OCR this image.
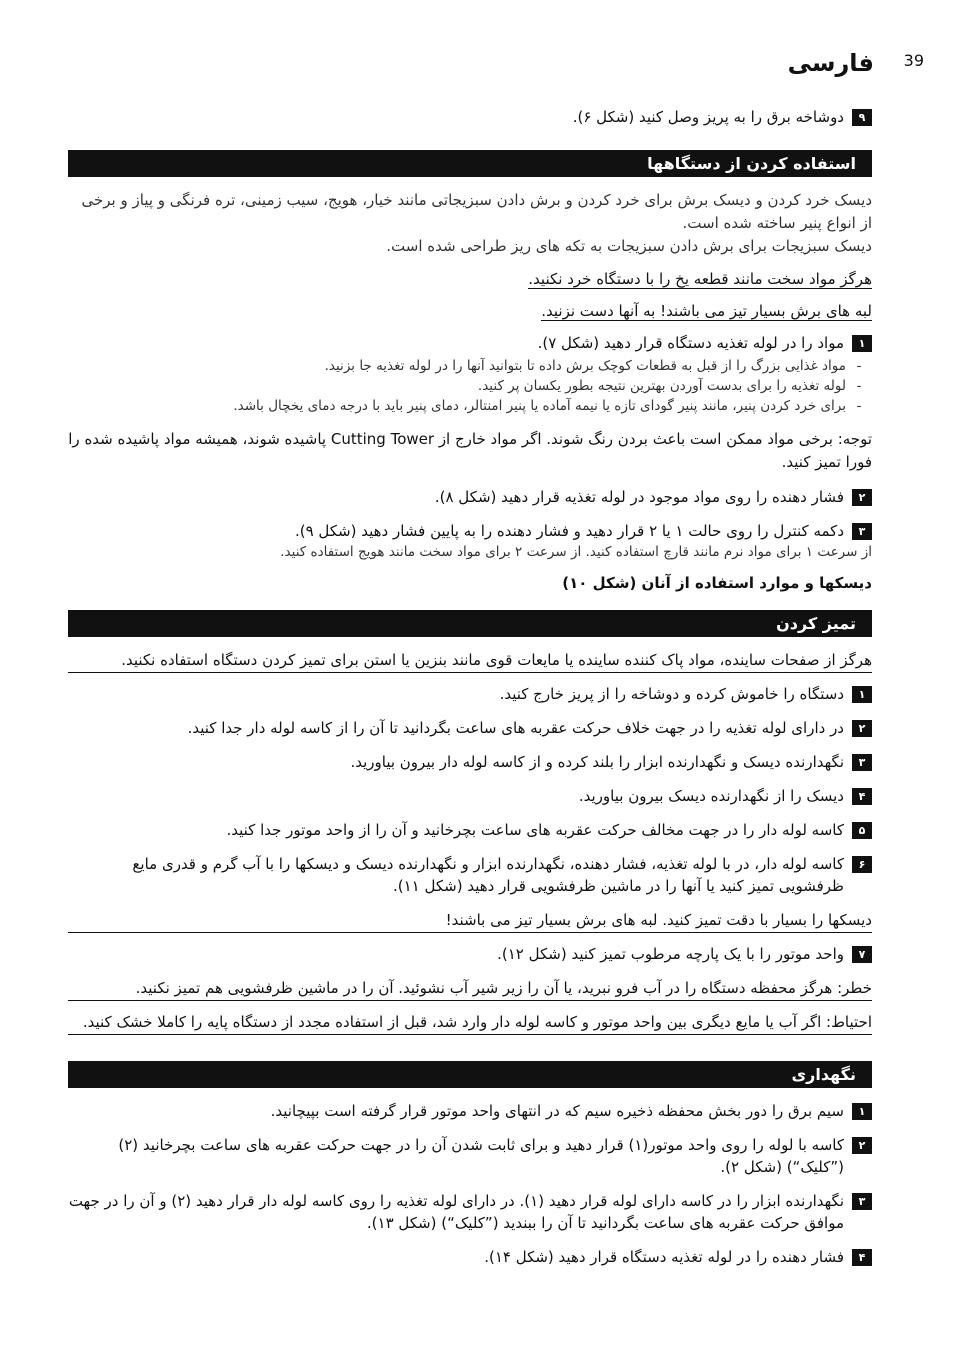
39
فارسی
۹
دوشاخه برق را به پریز وصل کنید (شکل ۶).
استفاده کردن از دستگاهها
دیسک خرد کردن و دیسک برش برای خرد کردن و برش دادن سبزیجاتی مانند خیار، هویج، سیب زمینی، تره فرنگی و پیاز و برخی از انواع پنیر ساخته شده است.
دیسک سبزیجات برای برش دادن سبزیجات به تکه های ریز طراحی شده است.
هرگز مواد سخت مانند قطعه یخ را با دستگاه خرد نکنید.
لبه های برش بسیار تیز می باشند! به آنها دست نزنید.
۱
مواد را در لوله تغذیه دستگاه قرار دهید (شکل ۷).
-
مواد غذایی بزرگ را از قبل به قطعات کوچک برش داده تا بتوانید آنها را در لوله تغذیه جا بزنید.
-
لوله تغذیه را برای بدست آوردن بهترین نتیجه بطور یکسان پر کنید.
-
برای خرد کردن پنیر، مانند پنیر گودای تازه یا نیمه آماده یا پنیر امنتالر، دمای پنیر باید با درجه دمای یخچال باشد.
توجه: برخی مواد ممکن است باعث بردن رنگ شوند. اگر مواد خارج از Cutting Tower پاشیده شوند، همیشه مواد پاشیده شده را فورا تمیز کنید.
۲
فشار دهنده را روی مواد موجود در لوله تغذیه قرار دهید (شکل ۸).
۳
دکمه کنترل را روی حالت ۱ یا ۲ قرار دهید و فشار دهنده را به پایین فشار دهید (شکل ۹).
از سرعت ۱ برای مواد نرم مانند قارچ استفاده کنید. از سرعت ۲ برای مواد سخت مانند هویج استفاده کنید.
دیسکها و موارد استفاده از آنان (شکل ۱۰)
تمیز کردن
هرگز از صفحات ساینده، مواد پاک کننده ساینده یا مایعات قوی مانند بنزین یا استن برای تمیز کردن دستگاه استفاده نکنید.
۱
دستگاه را خاموش کرده و دوشاخه را از پریز خارج کنید.
۲
در دارای لوله تغذیه را در جهت خلاف حرکت عقربه های ساعت بگردانید تا آن را از کاسه لوله دار جدا کنید.
۳
نگهدارنده دیسک و نگهدارنده ابزار را بلند کرده و از کاسه لوله دار بیرون بیاورید.
۴
دیسک را از نگهدارنده دیسک بیرون بیاورید.
۵
کاسه لوله دار را در جهت مخالف حرکت عقربه های ساعت بچرخانید و آن را از واحد موتور جدا کنید.
۶
کاسه لوله دار، در با لوله تغذیه، فشار دهنده، نگهدارنده ابزار و نگهدارنده دیسک و دیسکها را با آب گرم و قدری مایع ظرفشویی تمیز کنید یا آنها را در ماشین ظرفشویی قرار دهید (شکل ۱۱).
دیسکها را بسیار با دقت تمیز کنید. لبه های برش بسیار تیز می باشند!
۷
واحد موتور را با یک پارچه مرطوب تمیز کنید (شکل ۱۲).
خطر: هرگز محفظه دستگاه را در آب فرو نبرید، یا آن را زیر شیر آب نشوئید. آن را در ماشین ظرفشویی هم تمیز نکنید.
احتیاط: اگر آب یا مایع دیگری بین واحد موتور و کاسه لوله دار وارد شد، قبل از استفاده مجدد از دستگاه پایه را کاملا خشک کنید.
نگهداری
۱
سیم برق را دور بخش محفظه ذخیره سیم که در انتهای واحد موتور قرار گرفته است بپیچانید.
۲
کاسه با لوله را روی واحد موتور(۱) قرار دهید و برای ثابت شدن آن را در جهت حرکت عقربه های ساعت بچرخانید (۲) (”کلیک“) (شکل ۲).
۳
نگهدارنده ابزار را در کاسه دارای لوله قرار دهید (۱). در دارای لوله تغذیه را روی کاسه لوله دار قرار دهید (۲) و آن را در جهت موافق حرکت عقربه های ساعت بگردانید تا آن را ببندید (”کلیک“) (شکل ۱۳).
۴
فشار دهنده را در لوله تغذیه دستگاه قرار دهید (شکل ۱۴).
